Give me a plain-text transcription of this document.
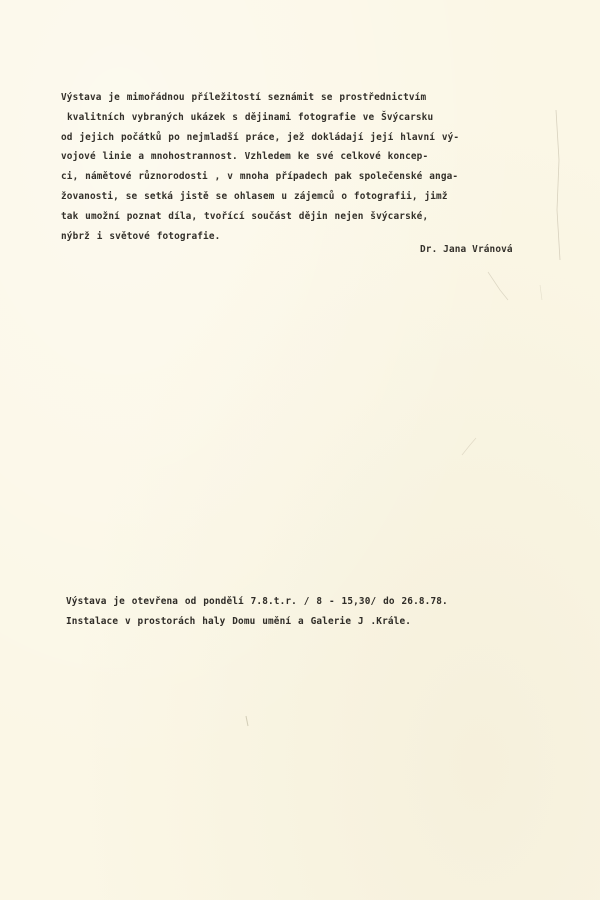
Výstava je mimořádnou příležitostí seznámit se prostřednictvím
kvalitních vybraných ukázek s dějinami fotografie ve Švýcarsku
od jejich počátků po nejmladší práce, jež dokládají její hlavní vý-
vojové linie a mnohostrannost. Vzhledem ke své celkové koncep-
ci, námětové různorodosti , v mnoha případech pak společenské anga-
žovanosti, se setká jistě se ohlasem u zájemců o fotografii, jimž
tak umožní poznat díla, tvořící součást dějin nejen švýcarské,
nýbrž i světové fotografie.
Dr. Jana Vránová
Výstava je otevřena od pondělí 7.8.t.r. / 8 - 15,30/ do 26.8.78.
Instalace v prostorách haly Domu umění a Galerie J .Krále.
